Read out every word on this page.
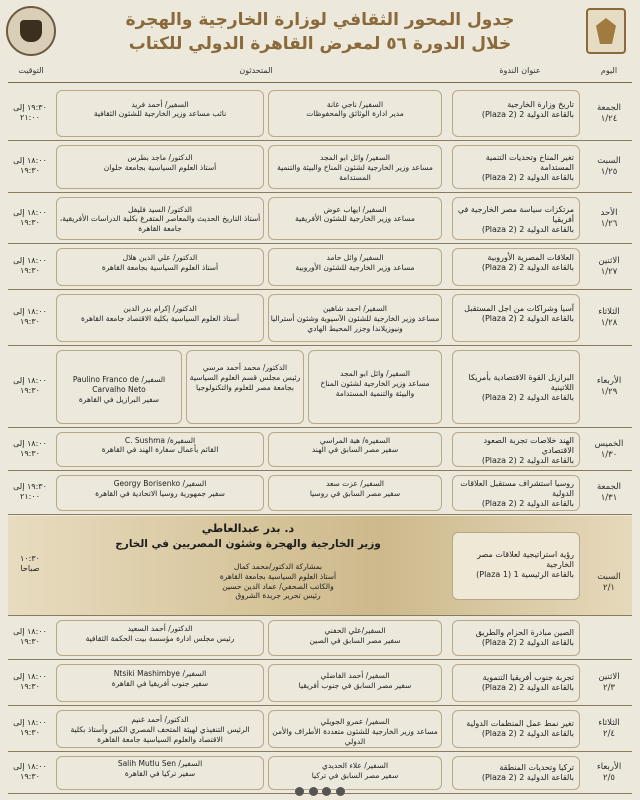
جدول المحور الثقافي لوزارة الخارجية والهجرة
خلال الدورة ٥٦ لمعرض القاهرة الدولي للكتاب
اليوم
عنوان الندوة
المتحدثون
التوقيت
الجمعة
١/٢٤
تاريخ وزارة الخارجية
بالقاعة الدولية 2 (Plaza 2)
السفير/ ناجي غانة
مدير ادارة الوثائق والمحفوظات
السفير/ أحمد فريد
نائب مساعد وزير الخارجية للشئون الثقافية
١٩:٣٠ إلى
٢١:٠٠
السبت
١/٢٥
تغير المناخ وتحديات التنمية المستدامة
بالقاعة الدولية 2 (Plaza 2)
السفير/ وائل ابو المجد
مساعد وزير الخارجية لشئون المناخ والبيئة والتنمية المستدامة
الدكتور/ ماجد بطرس
أستاذ العلوم السياسية بجامعة حلوان
١٨:٠٠ إلى
١٩:٣٠
الأحد
١/٢٦
مرتكزات سياسة مصر الخارجية في أفريقيا
بالقاعة الدولية 2 (Plaza 2)
السفير/ ايهاب عوض
مساعد وزير الخارجية للشئون الأفريقية
الدكتور/ السيد فليفل
أستاذ التاريخ الحديث والمعاصر المتفرغ بكلية الدراسات الأفريقية، جامعة القاهرة
١٨:٠٠ إلى
١٩:٣٠
الاثنين
١/٢٧
العلاقات المصرية الأوروبية
بالقاعة الدولية 2 (Plaza 2)
السفير/ وائل حامد
مساعد وزير الخارجية للشئون الأوروبية
الدكتور/ علي الدين هلال
أستاذ العلوم السياسية بجامعة القاهرة
١٨:٠٠ إلى
١٩:٣٠
الثلاثاء
١/٢٨
آسيا وشراكات من اجل المستقبل
بالقاعة الدولية 2 (Plaza 2)
السفير/ احمد شاهين
مساعد وزير الخارجية للشئون الآسيوية وشئون أستراليا ونيوزيلاندا وجزر المحيط الهادي
الدكتور/ إكرام بدر الدين
أستاذ العلوم السياسية بكلية الاقتصاد جامعة القاهرة
١٨:٠٠ إلى
١٩:٣٠
الأربعاء
١/٢٩
البرازيل القوة الاقتصادية بأمريكا اللاتينية
بالقاعة الدولية 2 (Plaza 2)
السفير/ وائل ابو المجد
مساعد وزير الخارجية لشئون المناخ والبيئة والتنمية المستدامة
الدكتور/ محمد أحمد مرسي
رئيس مجلس قسم العلوم السياسية بجامعة مصر للعلوم والتكنولوجيا
السفير/ Paulino Franco de Carvalho Neto
سفير البرازيل في القاهرة
١٨:٠٠ إلى
١٩:٣٠
الخميس
١/٣٠
الهند خلاصات تجربة الصعود الاقتصادي
بالقاعة الدولية 2 (Plaza 2)
السفيرة/ هبة المراسي
سفير مصر السابق في الهند
السفيرة/ C. Sushma
القائم بأعمال سفارة الهند في القاهرة
١٨:٠٠ إلى
١٩:٣٠
الجمعة
١/٣١
روسيا استشراف مستقبل العلاقات الدولية
بالقاعة الدولية 2 (Plaza 2)
السفير/ عزت سعد
سفير مصر السابق في روسيا
السفير/ Georgy Borisenko
سفير جمهورية روسيا الاتحادية في القاهرة
١٩:٣٠ إلى
٢١:٠٠
السبت
٢/١
رؤية استراتيجية لعلاقات مصر الخارجية
بالقاعة الرئيسية 1 (Plaza 1)
د. بدر عبدالعاطي
وزير الخارجية والهجرة وشئون المصريين في الخارج
بمشاركة الدكتور/محمد كمال
أستاذ العلوم السياسية بجامعة القاهرة
والكاتب الصحفي/ عماد الدين حسين
رئيس تحرير جريدة الشروق
١٠:٣٠
صباحا
الصين مبادرة الحزام والطريق
بالقاعة الدولية 2 (Plaza 2)
السفير/علي الحفني
سفير مصر السابق في الصين
الدكتور/ أحمد السعيد
رئيس مجلس ادارة مؤسسة بيت الحكمة الثقافية
١٨:٠٠ إلى
١٩:٣٠
الاثنين
٢/٣
تجربة جنوب أفريقيا التنموية
بالقاعة الدولية 2 (Plaza 2)
السفير/ أحمد الفاضلي
سفير مصر السابق في جنوب أفريقيا
السفير/ Ntsiki Mashimbye
سفير جنوب أفريقيا في القاهرة
١٨:٠٠ إلى
١٩:٣٠
الثلاثاء
٢/٤
تغير نمط عمل المنظمات الدولية
بالقاعة الدولية 2 (Plaza 2)
السفير/ عمرو الجويلي
مساعد وزير الخارجية للشئون متعددة الأطراف والأمن الدولي
الدكتور/ أحمد غنيم
الرئيس التنفيذي لهيئة المتحف المصري الكبير وأستاذ بكلية الاقتصاد والعلوم السياسية جامعة القاهرة
١٨:٠٠ إلى
١٩:٣٠
الأربعاء
٢/٥
تركيا وتحديات المنطقة
بالقاعة الدولية 2 (Plaza 2)
السفير/ علاء الحديدي
سفير مصر السابق في تركيا
السفير/ Salih Mutlu Sen
سفير تركيا في القاهرة
١٨:٠٠ إلى
١٩:٣٠
